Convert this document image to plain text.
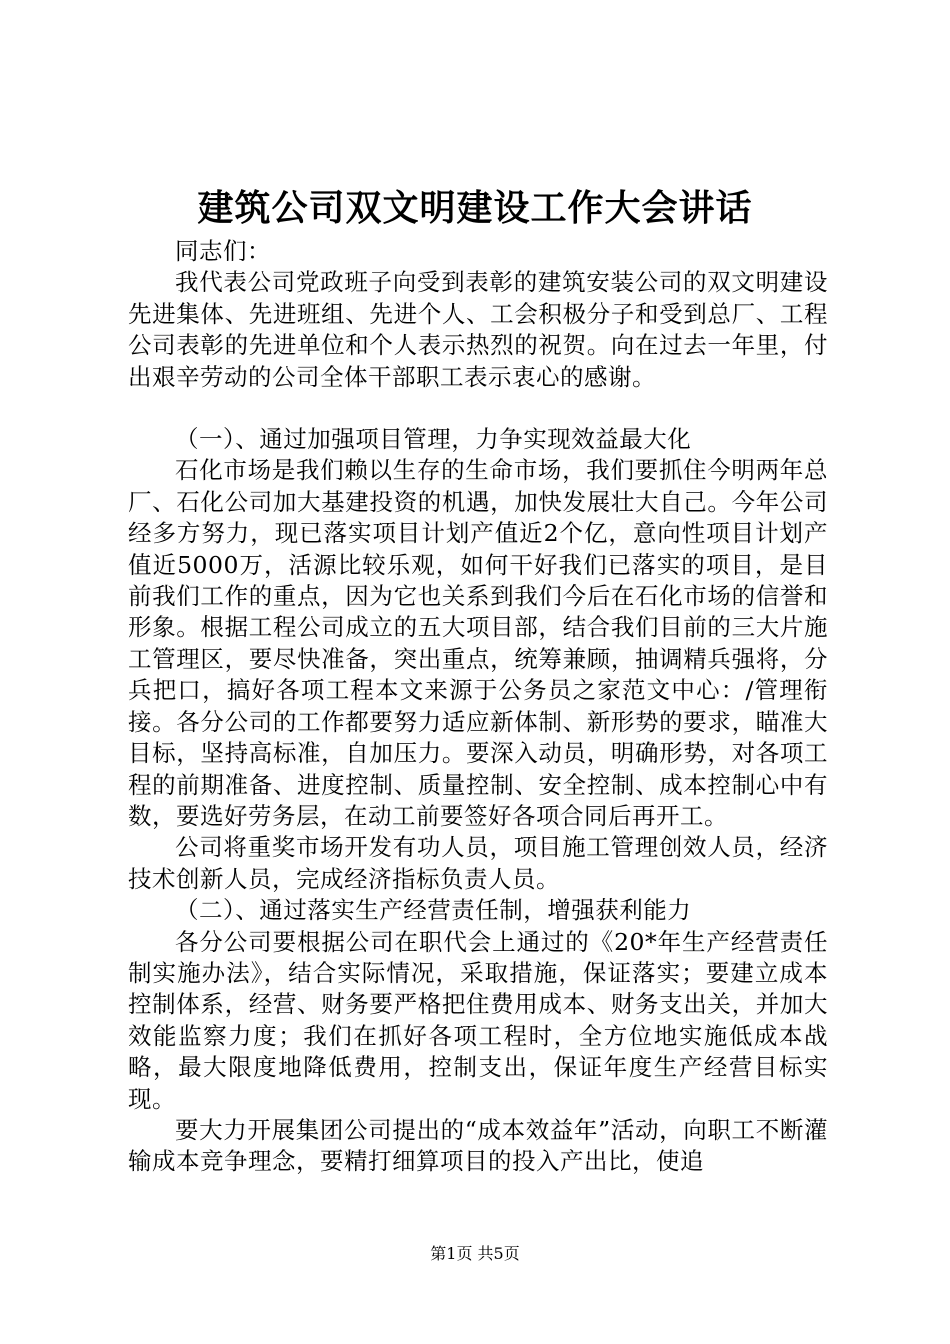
建筑公司双文明建设工作大会讲话

同志们：

我代表公司党政班子向受到表彰的建筑安装公司的双文明建设先进集体、先进班组、先进个人、工会积极分子和受到总厂、工程公司表彰的先进单位和个人表示热烈的祝贺。向在过去一年里，付出艰辛劳动的公司全体干部职工表示衷心的感谢。

（一）、通过加强项目管理，力争实现效益最大化

石化市场是我们赖以生存的生命市场，我们要抓住今明两年总厂、石化公司加大基建投资的机遇，加快发展壮大自己。今年公司经多方努力，现已落实项目计划产值近2个亿，意向性项目计划产值近5000万，活源比较乐观，如何干好我们已落实的项目，是目前我们工作的重点，因为它也关系到我们今后在石化市场的信誉和形象。根据工程公司成立的五大项目部，结合我们目前的三大片施工管理区，要尽快准备，突出重点，统筹兼顾，抽调精兵强将，分兵把口，搞好各项工程本文来源于公务员之家范文中心：/管理衔接。各分公司的工作都要努力适应新体制、新形势的要求，瞄准大目标，坚持高标准，自加压力。要深入动员，明确形势，对各项工程的前期准备、进度控制、质量控制、安全控制、成本控制心中有数，要选好劳务层，在动工前要签好各项合同后再开工。

公司将重奖市场开发有功人员，项目施工管理创效人员，经济技术创新人员，完成经济指标负责人员。

（二）、通过落实生产经营责任制，增强获利能力

各分公司要根据公司在职代会上通过的《20*年生产经营责任制实施办法》，结合实际情况，采取措施，保证落实；要建立成本控制体系，经营、财务要严格把住费用成本、财务支出关，并加大效能监察力度；我们在抓好各项工程时，全方位地实施低成本战略，最大限度地降低费用，控制支出，保证年度生产经营目标实现。

要大力开展集团公司提出的“成本效益年”活动，向职工不断灌输成本竞争理念，要精打细算项目的投入产出比，使追

第1页 共5页
